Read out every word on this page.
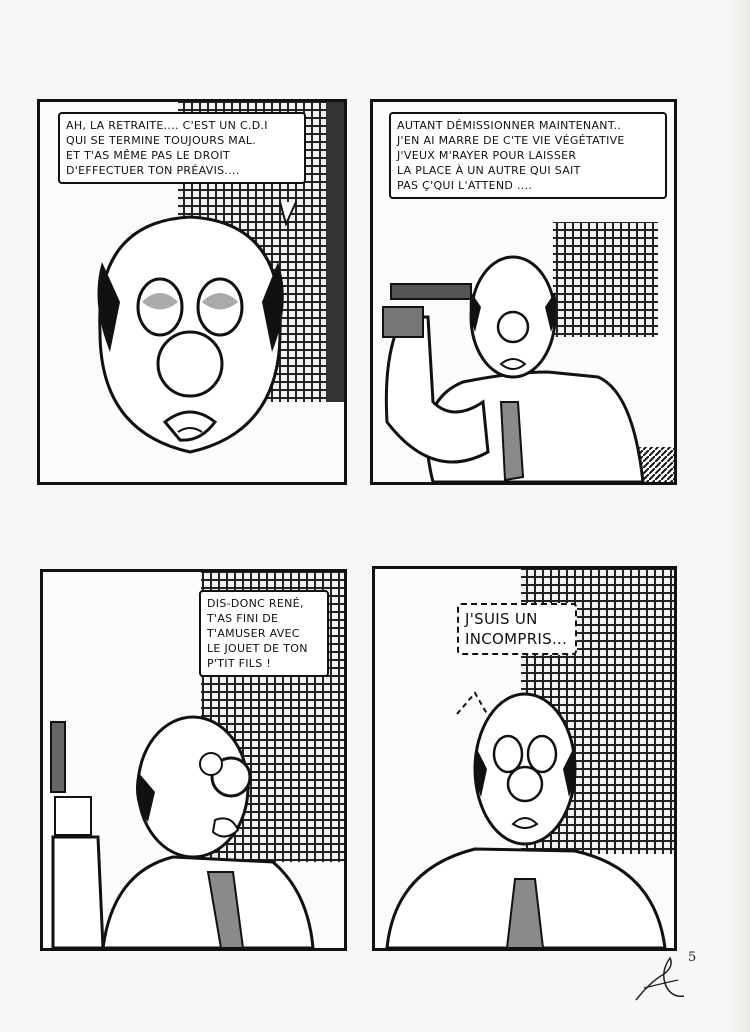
AH, LA RETRAITE.... C'EST UN C.D.I
QUI SE TERMINE TOUJOURS MAL.
ET T'AS MÊME PAS LE DROIT
D'EFFECTUER TON PRÉAVIS....
AUTANT DÉMISSIONNER MAINTENANT..
J'EN AI MARRE DE C'TE VIE VÉGÉTATIVE
J'VEUX M'RAYER POUR LAISSER
LA PLACE À UN AUTRE QUI SAIT
PAS Ç'QUI L'ATTEND ....
DIS-DONC RENÉ,
T'AS FINI DE
T'AMUSER AVEC
LE JOUET DE TON
P'TIT FILS !
J'SUIS UN
INCOMPRIS...
5
